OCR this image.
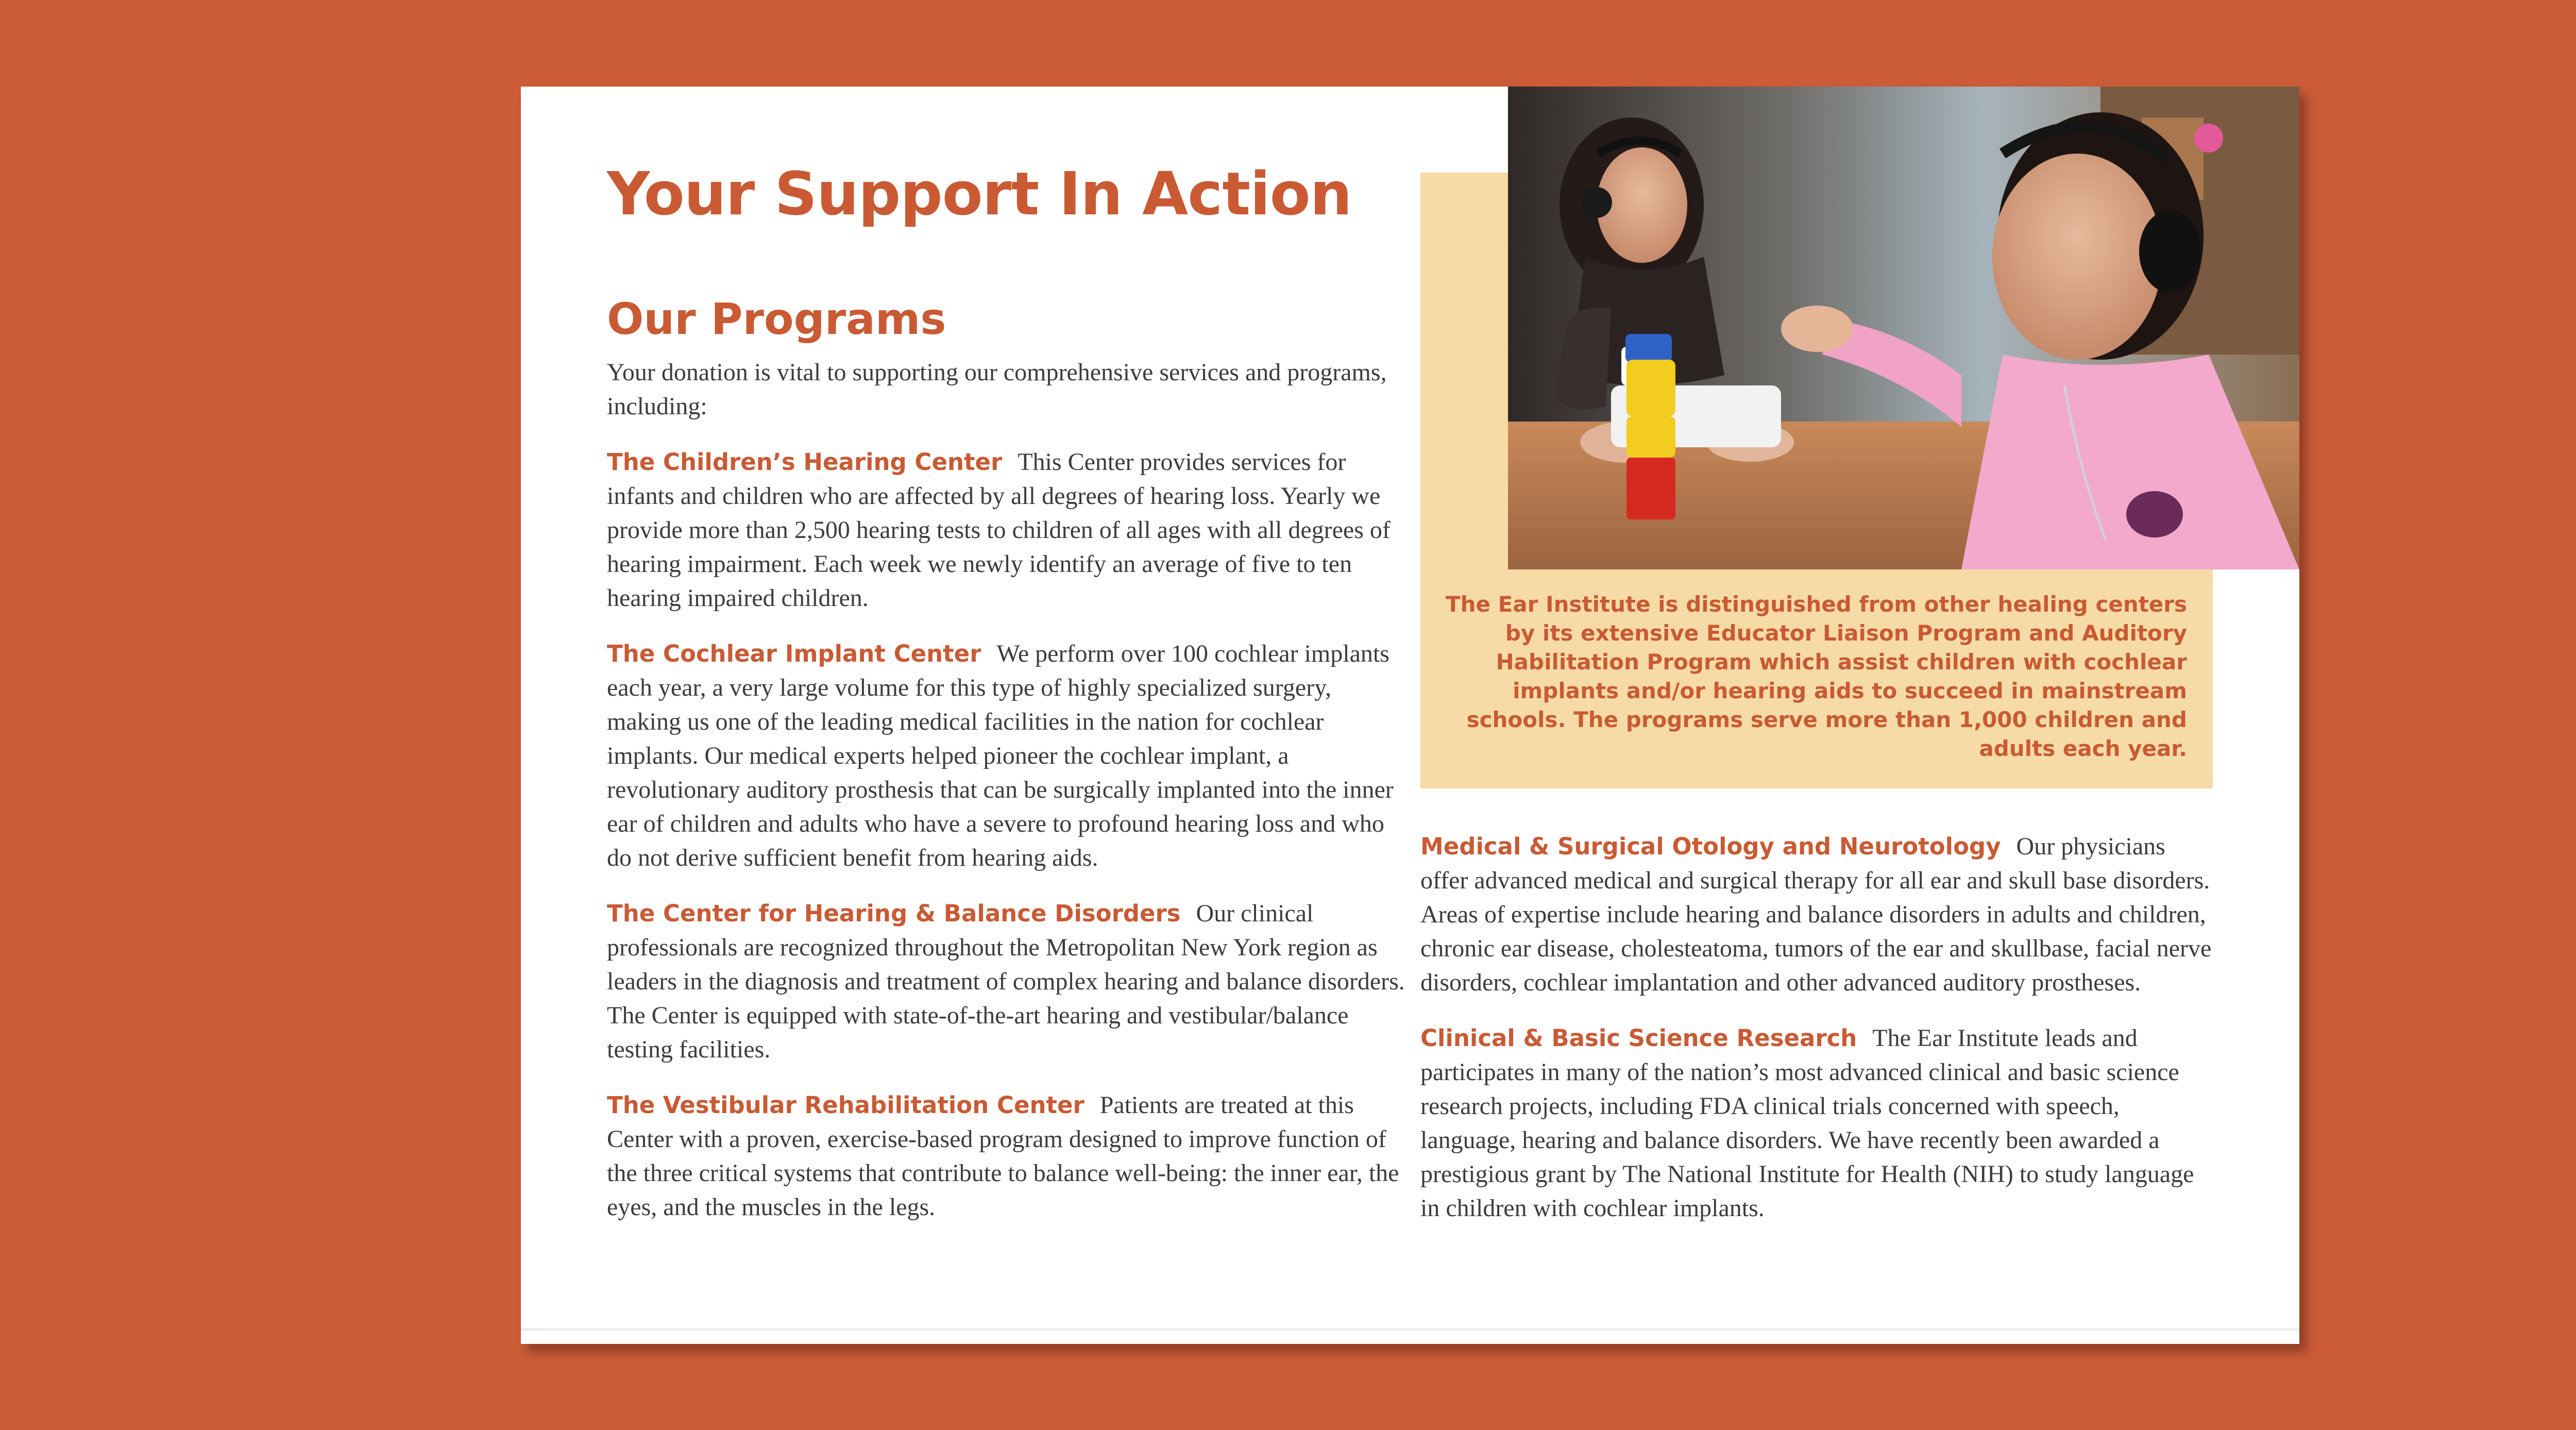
Your Support In Action
Our Programs

Your donation is vital to supporting our comprehensive services and programs, including:

The Children’s Hearing Center This Center provides services for infants and children who are affected by all degrees of hearing loss. Yearly we provide more than 2,500 hearing tests to children of all ages with all degrees of hearing impairment. Each week we newly identify an average of five to ten hearing impaired children.

The Cochlear Implant Center We perform over 100 cochlear implants each year, a very large volume for this type of highly specialized surgery, making us one of the leading medical facilities in the nation for cochlear implants. Our medical experts helped pioneer the cochlear implant, a revolutionary auditory prosthesis that can be surgically implanted into the inner ear of children and adults who have a severe to profound hearing loss and who do not derive sufficient benefit from hearing aids.

The Center for Hearing & Balance Disorders Our clinical professionals are recognized throughout the Metropolitan New York region as leaders in the diagnosis and treatment of complex hearing and balance disorders. The Center is equipped with state-of-the-art hearing and vestibular/balance testing facilities.

The Vestibular Rehabilitation Center Patients are treated at this Center with a proven, exercise-based program designed to improve function of the three critical systems that contribute to balance well-being: the inner ear, the eyes, and the muscles in the legs.

The Ear Institute is distinguished from other healing centers by its extensive Educator Liaison Program and Auditory Habilitation Program which assist children with cochlear implants and/or hearing aids to succeed in mainstream schools. The programs serve more than 1,000 children and adults each year.

Medical & Surgical Otology and Neurotology Our physicians offer advanced medical and surgical therapy for all ear and skull base disorders. Areas of expertise include hearing and balance disorders in adults and children, chronic ear disease, cholesteatoma, tumors of the ear and skullbase, facial nerve disorders, cochlear implantation and other advanced auditory prostheses.

Clinical & Basic Science Research The Ear Institute leads and participates in many of the nation’s most advanced clinical and basic science research projects, including FDA clinical trials concerned with speech, language, hearing and balance disorders. We have recently been awarded a prestigious grant by The National Institute for Health (NIH) to study language in children with cochlear implants.
